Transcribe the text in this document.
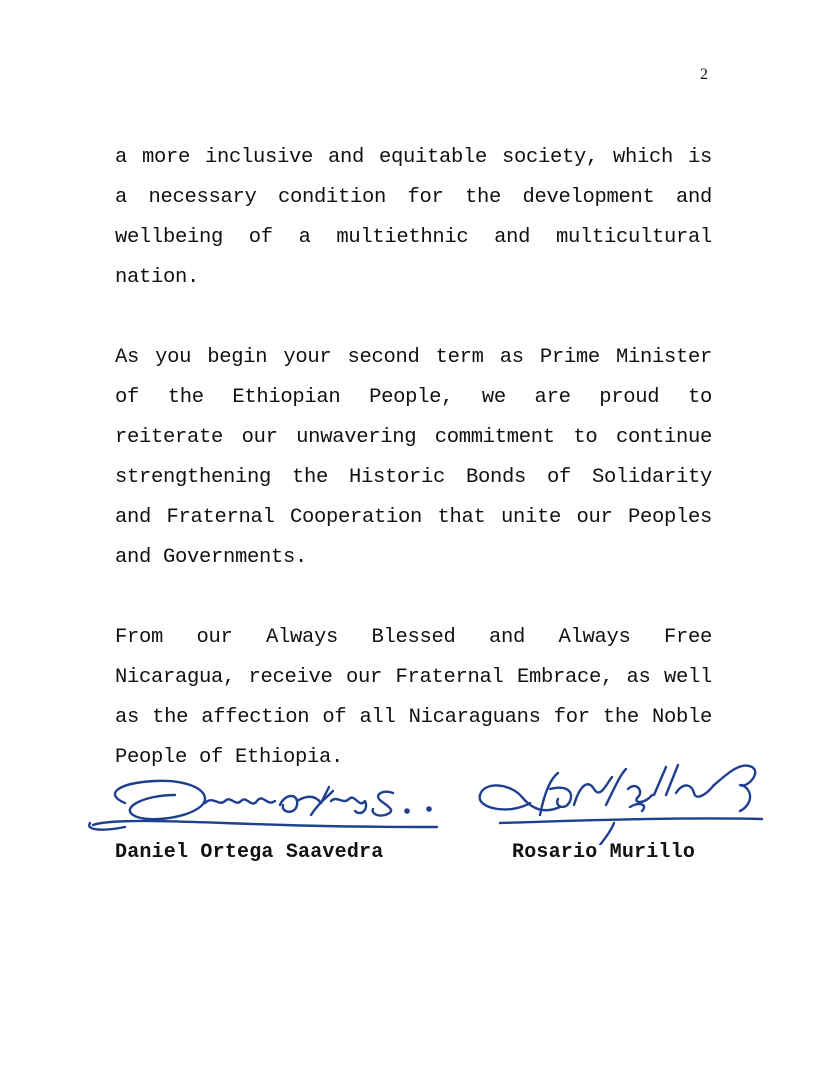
2

a more inclusive and equitable society, which is a necessary condition for the development and wellbeing of a multiethnic and multicultural nation.

As you begin your second term as Prime Minister of the Ethiopian People, we are proud to reiterate our unwavering commitment to continue strengthening the Historic Bonds of Solidarity and Fraternal Cooperation that unite our Peoples and Governments.

From our Always Blessed and Always Free Nicaragua, receive our Fraternal Embrace, as well as the affection of all Nicaraguans for the Noble People of Ethiopia.

Daniel Ortega Saavedra	Rosario Murillo
